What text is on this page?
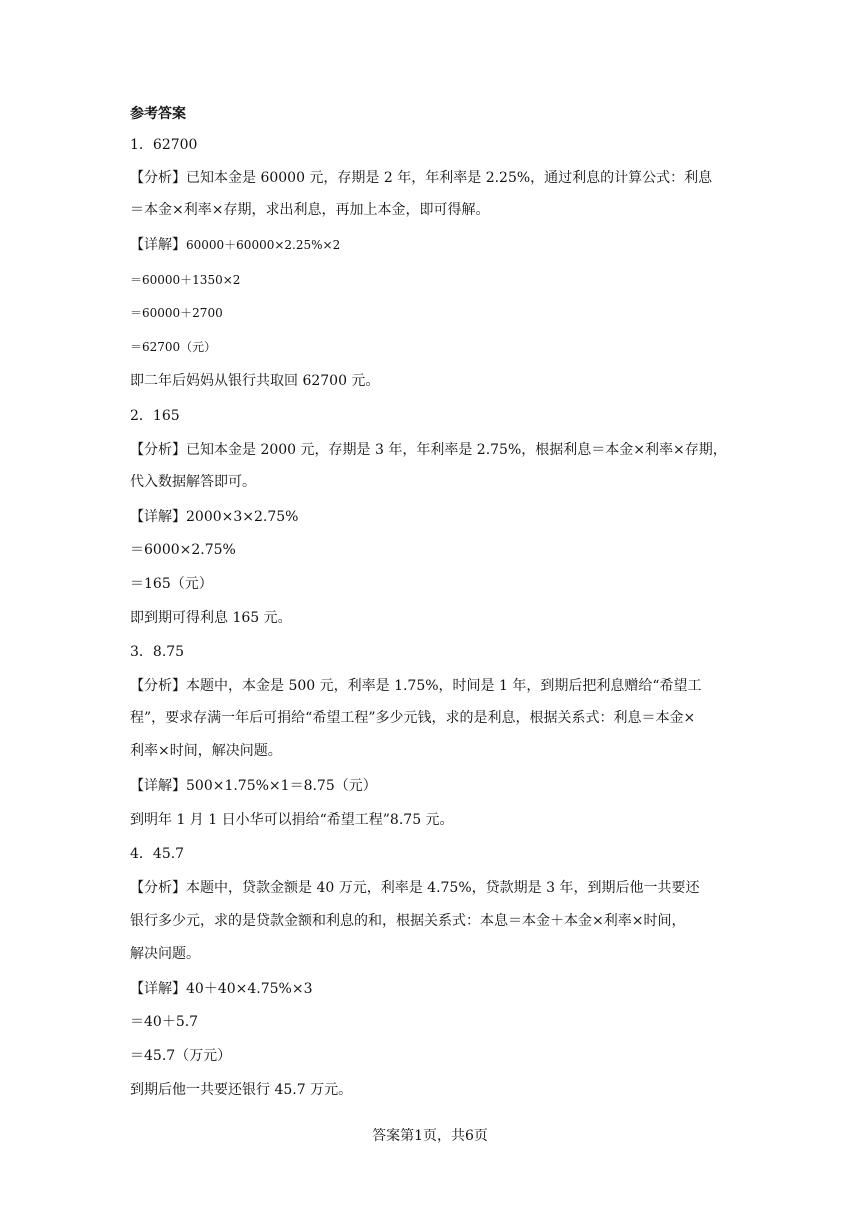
参考答案
1．62700
【分析】已知本金是 60000 元，存期是 2 年，年利率是 2.25%，通过利息的计算公式：利息
＝本金×利率×存期，求出利息，再加上本金，即可得解。
【详解】60000＋60000×2.25%×2
＝60000＋1350×2
＝60000＋2700
＝62700（元）
即二年后妈妈从银行共取回 62700 元。
2．165
【分析】已知本金是 2000 元，存期是 3 年，年利率是 2.75%，根据利息＝本金×利率×存期，
代入数据解答即可。
【详解】2000×3×2.75%
＝6000×2.75%
＝165（元）
即到期可得利息 165 元。
3．8.75
【分析】本题中，本金是 500 元，利率是 1.75%，时间是 1 年，到期后把利息赠给“希望工
程”，要求存满一年后可捐给“希望工程”多少元钱，求的是利息，根据关系式：利息＝本金×
利率×时间，解决问题。
【详解】500×1.75%×1＝8.75（元）
到明年 1 月 1 日小华可以捐给“希望工程”8.75 元。
4．45.7
【分析】本题中，贷款金额是 40 万元，利率是 4.75%，贷款期是 3 年，到期后他一共要还
银行多少元，求的是贷款金额和利息的和，根据关系式：本息＝本金＋本金×利率×时间，
解决问题。
【详解】40＋40×4.75%×3
＝40＋5.7
＝45.7（万元）
到期后他一共要还银行 45.7 万元。
答案第1页，共6页
